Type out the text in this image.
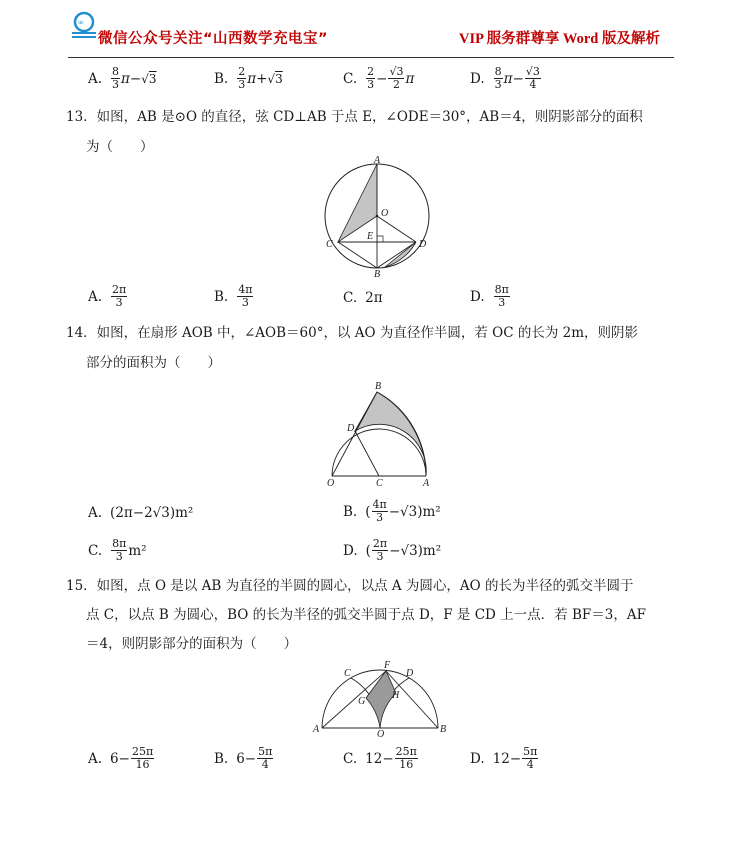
∞
微信公众号关注“山西数学充电宝”	VIP 服务群尊享 Word 版及解析
A. $\frac{8}{3} \pi- √3$	B. $\frac{2}{3} \pi+ √3$	C. $\frac{2}{3} - \frac{√3}{2}$ π	D. $\frac{8}{3} \pi- \frac{√3}{4}$
13．如图，AB 是⊙O 的直径，弦 CD⊥AB 于点 E，∠ODE＝30°，AB＝4，则阴影部分的面积
为（　　）
A
O
E
C	D
B
A. $\frac{2\pi}{3}$	B. $\frac{4\pi}{3}$	C. 2π	D. $\frac{8\pi}{3}$
14．如图，在扇形 AOB 中，∠AOB＝60°，以 AO 为直径作半圆，若 OC 的长为 2m，则阴影
部分的面积为（　　）
B
D
O	C	A
A. (2π−2√3)m²	B. ( $\frac{4\pi}{3} -√3)m^2$
C. $\frac{8\pi}{3} m^2$	D. ( $\frac{2\pi}{3} -√3)m^2$
15．如图，点 O 是以 AB 为直径的半圆的圆心，以点 A 为圆心，AO 的长为半径的弧交半圆于
点 C，以点 B 为圆心，BO 的长为半径的弧交半圆于点 D，F 是 CD 上一点．若 BF＝3，AF
＝4，则阴影部分的面积为（　　）
C
F
D
G
H
A	O	B
A. $6- \frac{25\pi}{16}$	B. $6- \frac{5\pi}{4}$	C. $12- \frac{25\pi}{16}$	D. $12- \frac{5\pi}{4}$
